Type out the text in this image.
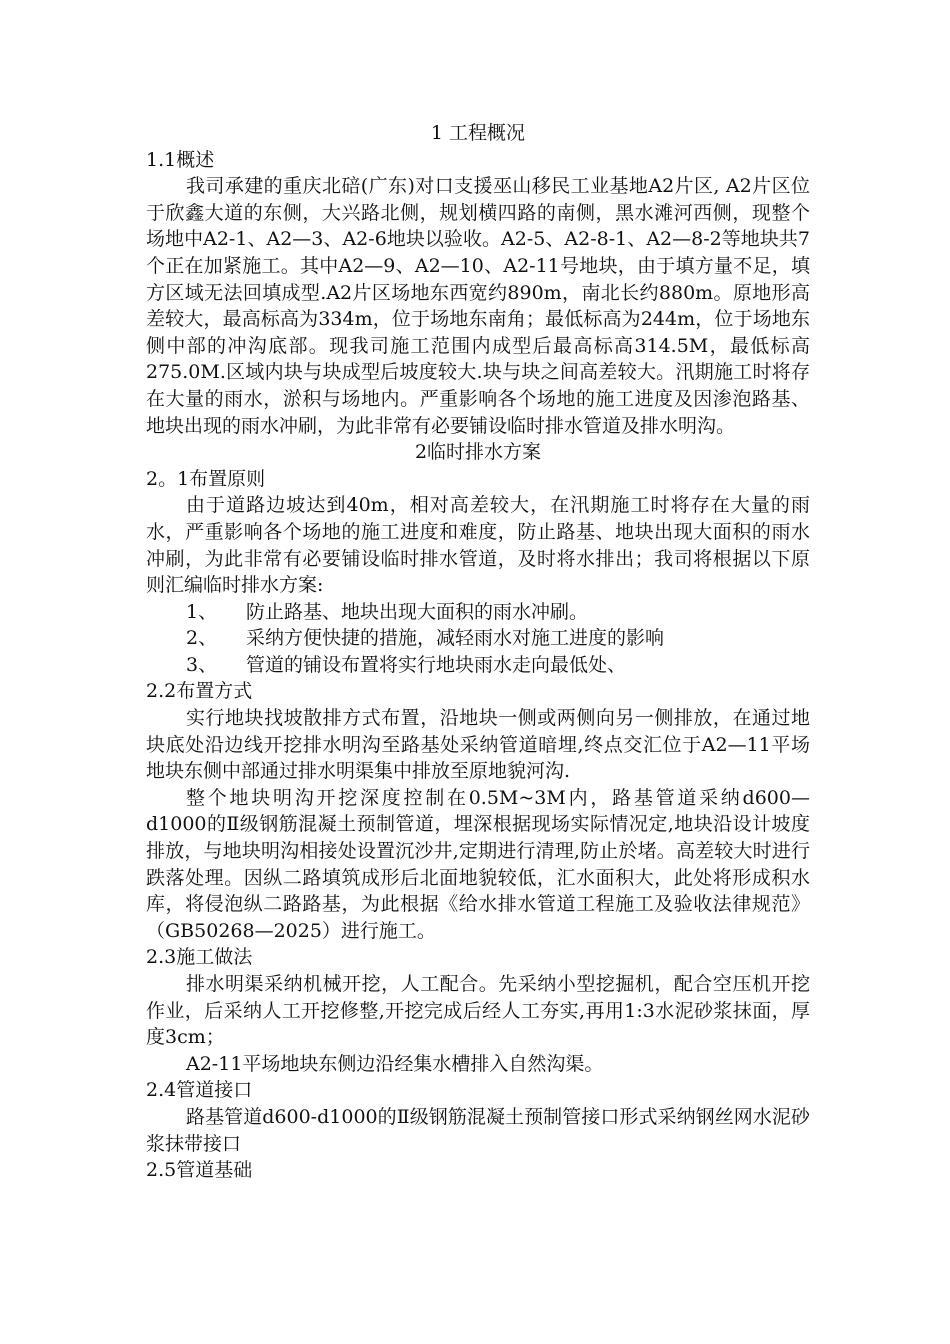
1 工程概况
1.1概述

我司承建的重庆北碚(广东)对口支援巫山移民工业基地A2片区, A2片区位于欣鑫大道的东侧，大兴路北侧，规划横四路的南侧，黑水滩河西侧，现整个场地中A2-1、A2—3、A2-6地块以验收。A2-5、A2-8-1、A2—8-2等地块共7个正在加紧施工。其中A2—9、A2—10、A2-11号地块，由于填方量不足，填方区域无法回填成型.A2片区场地东西宽约890m，南北长约880m。原地形高差较大，最高标高为334m，位于场地东南角；最低标高为244m，位于场地东侧中部的冲沟底部。现我司施工范围内成型后最高标高314.5M，最低标高275.0M.区域内块与块成型后坡度较大.块与块之间高差较大。汛期施工时将存在大量的雨水，淤积与场地内。严重影响各个场地的施工进度及因渗泡路基、地块出现的雨水冲刷，为此非常有必要铺设临时排水管道及排水明沟。

2临时排水方案
2。1布置原则

由于道路边坡达到40m，相对高差较大，在汛期施工时将存在大量的雨水，严重影响各个场地的施工进度和难度，防止路基、地块出现大面积的雨水冲刷，为此非常有必要铺设临时排水管道，及时将水排出；我司将根据以下原则汇编临时排水方案:

1、 防止路基、地块出现大面积的雨水冲刷。

2、 采纳方便快捷的措施，减轻雨水对施工进度的影响

3、 管道的铺设布置将实行地块雨水走向最低处、

2.2布置方式

实行地块找坡散排方式布置，沿地块一侧或两侧向另一侧排放，在通过地块底处沿边线开挖排水明沟至路基处采纳管道暗埋,终点交汇位于A2—11平场地块东侧中部通过排水明渠集中排放至原地貌河沟.

整个地块明沟开挖深度控制在0.5M~3M内，路基管道采纳d600—d1000的Ⅱ级钢筋混凝土预制管道，埋深根据现场实际情况定,地块沿设计坡度排放，与地块明沟相接处设置沉沙井,定期进行清理,防止於堵。高差较大时进行跌落处理。因纵二路填筑成形后北面地貌较低，汇水面积大，此处将形成积水库，将侵泡纵二路路基，为此根据《给水排水管道工程施工及验收法律规范》（GB50268—2025）进行施工。

2.3施工做法

排水明渠采纳机械开挖，人工配合。先采纳小型挖掘机，配合空压机开挖作业，后采纳人工开挖修整,开挖完成后经人工夯实,再用1:3水泥砂浆抹面，厚度3cm；

A2-11平场地块东侧边沿经集水槽排入自然沟渠。

2.4管道接口

路基管道d600-d1000的Ⅱ级钢筋混凝土预制管接口形式采纳钢丝网水泥砂浆抹带接口

2.5管道基础
